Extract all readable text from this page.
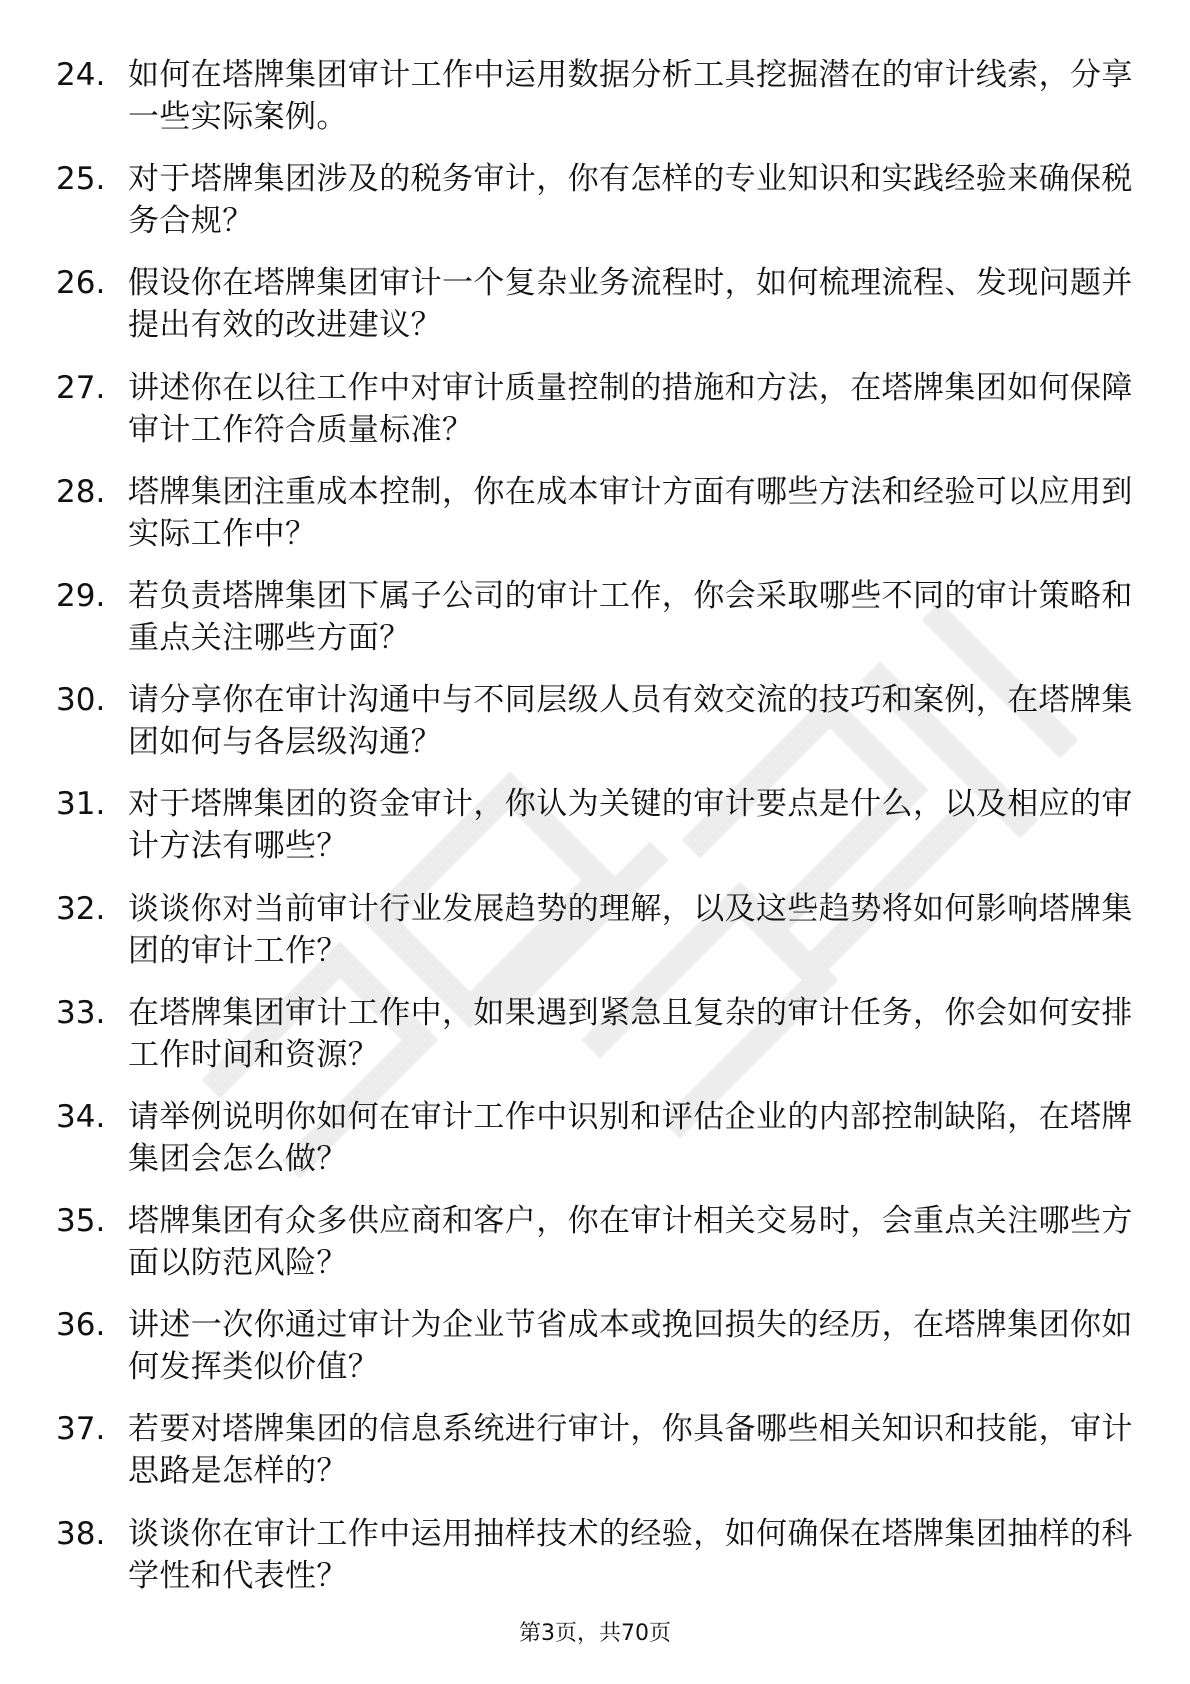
24. 如何在塔牌集团审计工作中运用数据分析工具挖掘潜在的审计线索，分享一些实际案例。
25. 对于塔牌集团涉及的税务审计，你有怎样的专业知识和实践经验来确保税务合规？
26. 假设你在塔牌集团审计一个复杂业务流程时，如何梳理流程、发现问题并提出有效的改进建议？
27. 讲述你在以往工作中对审计质量控制的措施和方法，在塔牌集团如何保障审计工作符合质量标准？
28. 塔牌集团注重成本控制，你在成本审计方面有哪些方法和经验可以应用到实际工作中？
29. 若负责塔牌集团下属子公司的审计工作，你会采取哪些不同的审计策略和重点关注哪些方面？
30. 请分享你在审计沟通中与不同层级人员有效交流的技巧和案例，在塔牌集团如何与各层级沟通？
31. 对于塔牌集团的资金审计，你认为关键的审计要点是什么，以及相应的审计方法有哪些？
32. 谈谈你对当前审计行业发展趋势的理解，以及这些趋势将如何影响塔牌集团的审计工作？
33. 在塔牌集团审计工作中，如果遇到紧急且复杂的审计任务，你会如何安排工作时间和资源？
34. 请举例说明你如何在审计工作中识别和评估企业的内部控制缺陷，在塔牌集团会怎么做？
35. 塔牌集团有众多供应商和客户，你在审计相关交易时，会重点关注哪些方面以防范风险？
36. 讲述一次你通过审计为企业节省成本或挽回损失的经历，在塔牌集团你如何发挥类似价值？
37. 若要对塔牌集团的信息系统进行审计，你具备哪些相关知识和技能，审计思路是怎样的？
38. 谈谈你在审计工作中运用抽样技术的经验，如何确保在塔牌集团抽样的科学性和代表性？
第3页，共70页
